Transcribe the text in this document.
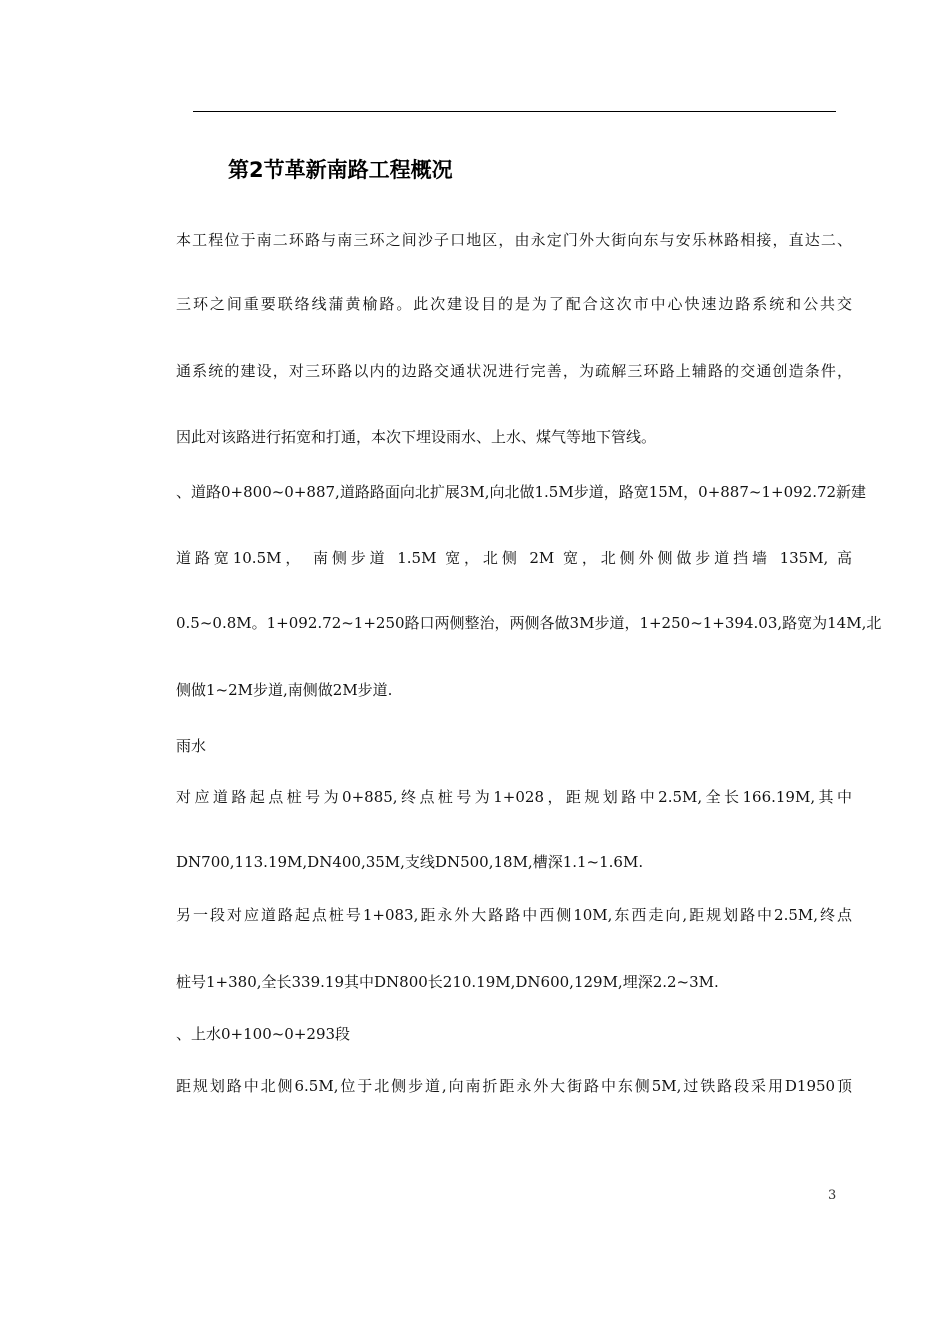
第2节革新南路工程概况
本工程位于南二环路与南三环之间沙子口地区，由永定门外大街向东与安乐林路相接，直达二、
三环之间重要联络线蒲黄榆路。此次建设目的是为了配合这次市中心快速边路系统和公共交
通系统的建设，对三环路以内的边路交通状况进行完善，为疏解三环路上辅路的交通创造条件，
因此对该路进行拓宽和打通，本次下埋设雨水、上水、煤气等地下管线。
、道路0+800~0+887,道路路面向北扩展3M,向北做1.5M步道，路宽15M，0+887~1+092.72新建
道路宽10.5M， 南侧步道 1.5M 宽，北侧 2M 宽，北侧外侧做步道挡墙 135M, 高
0.5~0.8M。1+092.72~1+250路口两侧整治，两侧各做3M步道，1+250~1+394.03,路宽为14M,北
侧做1~2M步道,南侧做2M步道.
雨水
对应道路起点桩号为0+885,终点桩号为1+028，距规划路中2.5M,全长166.19M,其中
DN700,113.19M,DN400,35M,支线DN500,18M,槽深1.1~1.6M.
另一段对应道路起点桩号1+083,距永外大路路中西侧10M,东西走向,距规划路中2.5M,终点
桩号1+380,全长339.19其中DN800长210.19M,DN600,129M,埋深2.2~3M.
、上水0+100~0+293段
距规划路中北侧6.5M,位于北侧步道,向南折距永外大街路中东侧5M,过铁路段采用D1950顶
3
